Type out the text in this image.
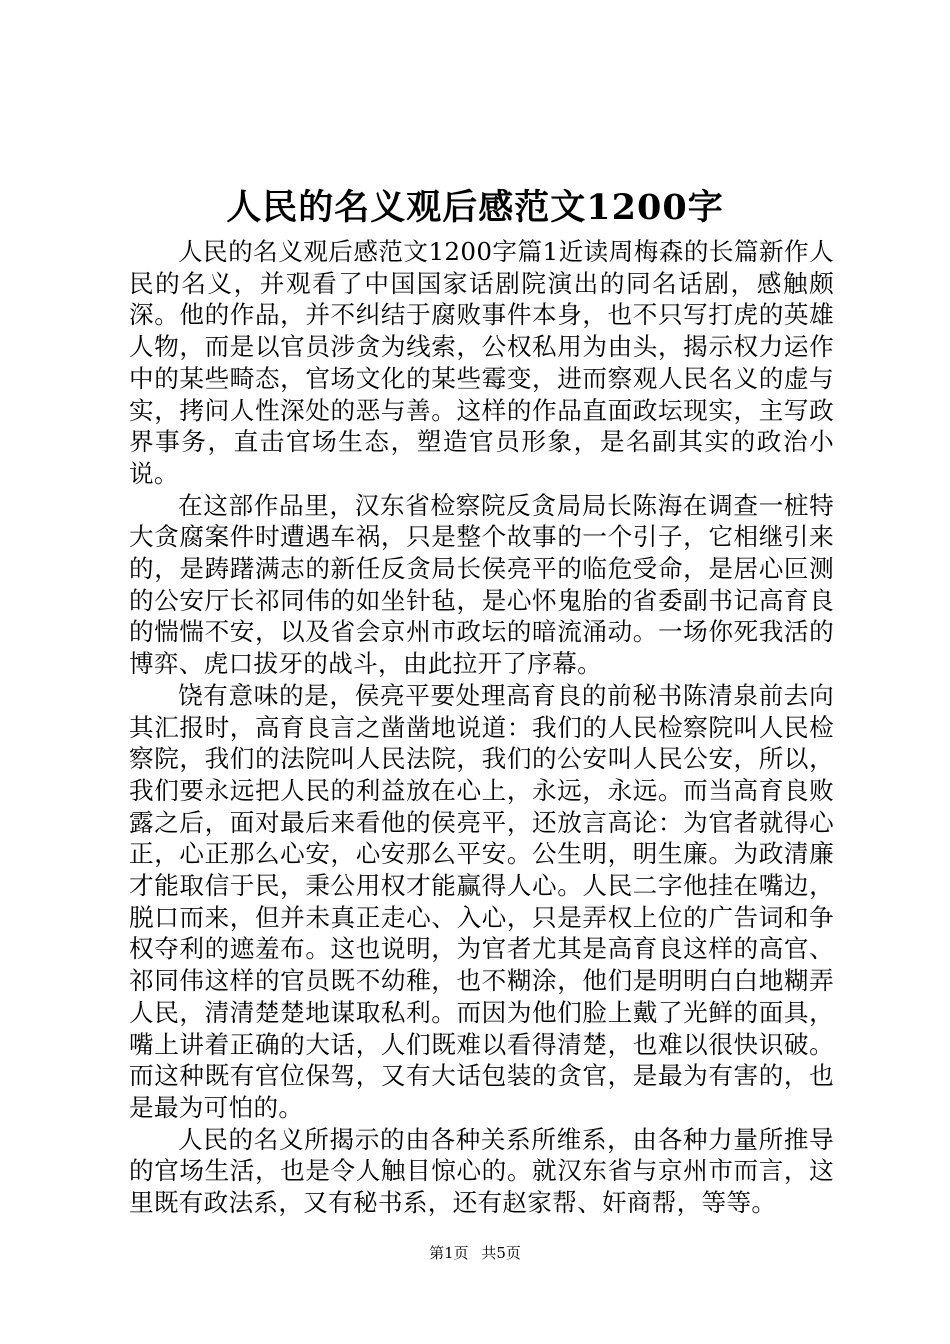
人民的名义观后感范文1200字

人民的名义观后感范文1200字篇1近读周梅森的长篇新作人民的名义，并观看了中国国家话剧院演出的同名话剧，感触颇深。他的作品，并不纠结于腐败事件本身，也不只写打虎的英雄人物，而是以官员涉贪为线索，公权私用为由头，揭示权力运作中的某些畸态，官场文化的某些霉变，进而察观人民名义的虚与实，拷问人性深处的恶与善。这样的作品直面政坛现实，主写政界事务，直击官场生态，塑造官员形象，是名副其实的政治小说。

在这部作品里，汉东省检察院反贪局局长陈海在调查一桩特大贪腐案件时遭遇车祸，只是整个故事的一个引子，它相继引来的，是踌躇满志的新任反贪局长侯亮平的临危受命，是居心叵测的公安厅长祁同伟的如坐针毡，是心怀鬼胎的省委副书记高育良的惴惴不安，以及省会京州市政坛的暗流涌动。一场你死我活的博弈、虎口拔牙的战斗，由此拉开了序幕。

饶有意味的是，侯亮平要处理高育良的前秘书陈清泉前去向其汇报时，高育良言之凿凿地说道：我们的人民检察院叫人民检察院，我们的法院叫人民法院，我们的公安叫人民公安，所以，我们要永远把人民的利益放在心上，永远，永远。而当高育良败露之后，面对最后来看他的侯亮平，还放言高论：为官者就得心正，心正那么心安，心安那么平安。公生明，明生廉。为政清廉才能取信于民，秉公用权才能赢得人心。人民二字他挂在嘴边，脱口而来，但并未真正走心、入心，只是弄权上位的广告词和争权夺利的遮羞布。这也说明，为官者尤其是高育良这样的高官、祁同伟这样的官员既不幼稚，也不糊涂，他们是明明白白地糊弄人民，清清楚楚地谋取私利。而因为他们脸上戴了光鲜的面具，嘴上讲着正确的大话，人们既难以看得清楚，也难以很快识破。而这种既有官位保驾，又有大话包装的贪官，是最为有害的，也是最为可怕的。

人民的名义所揭示的由各种关系所维系，由各种力量所推导的官场生活，也是令人触目惊心的。就汉东省与京州市而言，这里既有政法系，又有秘书系，还有赵家帮、奸商帮，等等。

第1页 共5页
